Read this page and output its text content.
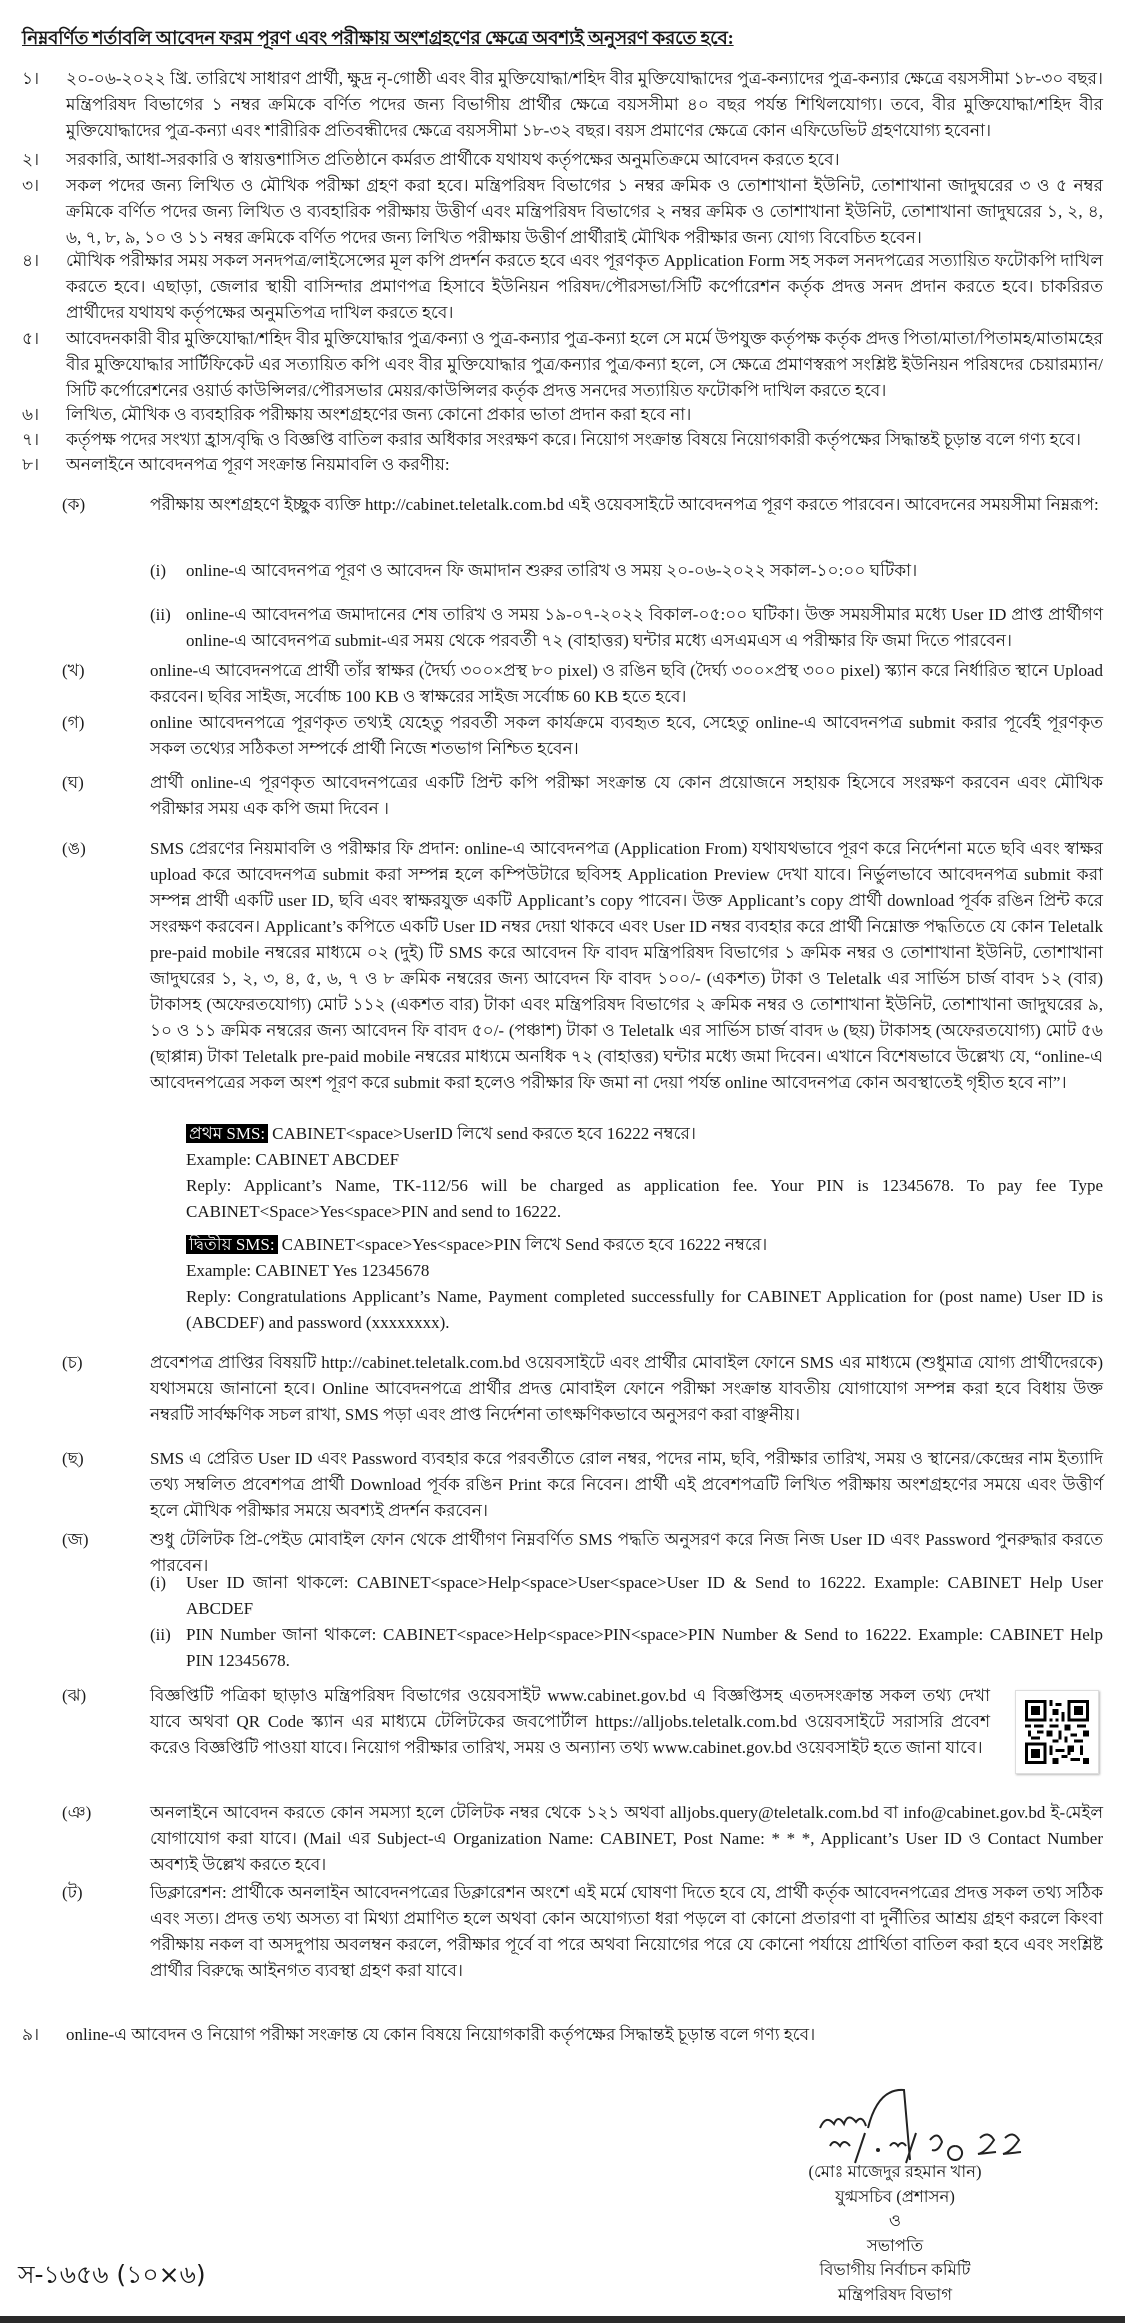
নিম্নবর্ণিত শর্তাবলি আবেদন ফরম পূরণ এবং পরীক্ষায় অংশগ্রহণের ক্ষেত্রে অবশ্যই অনুসরণ করতে হবে:
১।	২০-০৬-২০২২ খ্রি. তারিখে সাধারণ প্রার্থী, ক্ষুদ্র নৃ-গোষ্ঠী এবং বীর মুক্তিযোদ্ধা/শহিদ বীর মুক্তিযোদ্ধাদের পুত্র-কন্যাদের পুত্র-কন্যার ক্ষেত্রে বয়সসীমা ১৮-৩০ বছর। মন্ত্রিপরিষদ বিভাগের ১ নম্বর ক্রমিকে বর্ণিত পদের জন্য বিভাগীয় প্রার্থীর ক্ষেত্রে বয়সসীমা ৪০ বছর পর্যন্ত শিথিলযোগ্য। তবে, বীর মুক্তিযোদ্ধা/শহিদ বীর মুক্তিযোদ্ধাদের পুত্র-কন্যা এবং শারীরিক প্রতিবন্ধীদের ক্ষেত্রে বয়সসীমা ১৮-৩২ বছর। বয়স প্রমাণের ক্ষেত্রে কোন এফিডেভিট গ্রহণযোগ্য হবেনা।
২।	সরকারি, আধা-সরকারি ও স্বায়ত্তশাসিত প্রতিষ্ঠানে কর্মরত প্রার্থীকে যথাযথ কর্তৃপক্ষের অনুমতিক্রমে আবেদন করতে হবে।
৩।	সকল পদের জন্য লিখিত ও মৌখিক পরীক্ষা গ্রহণ করা হবে। মন্ত্রিপরিষদ বিভাগের ১ নম্বর ক্রমিক ও তোশাখানা ইউনিট, তোশাখানা জাদুঘরের ৩ ও ৫ নম্বর ক্রমিকে বর্ণিত পদের জন্য লিখিত ও ব্যবহারিক পরীক্ষায় উত্তীর্ণ এবং মন্ত্রিপরিষদ বিভাগের ২ নম্বর ক্রমিক ও তোশাখানা ইউনিট, তোশাখানা জাদুঘরের ১, ২, ৪, ৬, ৭, ৮, ৯, ১০ ও ১১ নম্বর ক্রমিকে বর্ণিত পদের জন্য লিখিত পরীক্ষায় উত্তীর্ণ প্রার্থীরাই মৌখিক পরীক্ষার জন্য যোগ্য বিবেচিত হবেন।
৪।	মৌখিক পরীক্ষার সময় সকল সনদপত্র/লাইসেন্সের মূল কপি প্রদর্শন করতে হবে এবং পূরণকৃত Application Form সহ সকল সনদপত্রের সত্যায়িত ফটোকপি দাখিল করতে হবে। এছাড়া, জেলার স্থায়ী বাসিন্দার প্রমাণপত্র হিসাবে ইউনিয়ন পরিষদ/পৌরসভা/সিটি কর্পোরেশন কর্তৃক প্রদত্ত সনদ প্রদান করতে হবে। চাকরিরত প্রার্থীদের যথাযথ কর্তৃপক্ষের অনুমতিপত্র দাখিল করতে হবে।
৫।	আবেদনকারী বীর মুক্তিযোদ্ধা/শহিদ বীর মুক্তিযোদ্ধার পুত্র/কন্যা ও পুত্র-কন্যার পুত্র-কন্যা হলে সে মর্মে উপযুক্ত কর্তৃপক্ষ কর্তৃক প্রদত্ত পিতা/মাতা/পিতামহ/মাতামহের বীর মুক্তিযোদ্ধার সার্টিফিকেট এর সত্যায়িত কপি এবং বীর মুক্তিযোদ্ধার পুত্র/কন্যার পুত্র/কন্যা হলে, সে ক্ষেত্রে প্রমাণস্বরূপ সংশ্লিষ্ট ইউনিয়ন পরিষদের চেয়ারম্যান/সিটি কর্পোরেশনের ওয়ার্ড কাউন্সিলর/পৌরসভার মেয়র/কাউন্সিলর কর্তৃক প্রদত্ত সনদের সত্যায়িত ফটোকপি দাখিল করতে হবে।
৬।	লিখিত, মৌখিক ও ব্যবহারিক পরীক্ষায় অংশগ্রহণের জন্য কোনো প্রকার ভাতা প্রদান করা হবে না।
৭।	কর্তৃপক্ষ পদের সংখ্যা হ্রাস/বৃদ্ধি ও বিজ্ঞপ্তি বাতিল করার অধিকার সংরক্ষণ করে। নিয়োগ সংক্রান্ত বিষয়ে নিয়োগকারী কর্তৃপক্ষের সিদ্ধান্তই চূড়ান্ত বলে গণ্য হবে।
৮।	অনলাইনে আবেদনপত্র পূরণ সংক্রান্ত নিয়মাবলি ও করণীয়:
(ক)	পরীক্ষায় অংশগ্রহণে ইচ্ছুক ব্যক্তি http://cabinet.teletalk.com.bd এই ওয়েবসাইটে আবেদনপত্র পূরণ করতে পারবেন। আবেদনের সময়সীমা নিম্নরূপ:
(i)	online-এ আবেদনপত্র পূরণ ও আবেদন ফি জমাদান শুরুর তারিখ ও সময় ২০-০৬-২০২২ সকাল-১০:০০ ঘটিকা।
(ii) online-এ আবেদনপত্র জমাদানের শেষ তারিখ ও সময় ১৯-০৭-২০২২ বিকাল-০৫:০০ ঘটিকা। উক্ত সময়সীমার মধ্যে User ID প্রাপ্ত প্রার্থীগণ online-এ আবেদনপত্র submit-এর সময় থেকে পরবর্তী ৭২ (বাহাত্তর) ঘন্টার মধ্যে এসএমএস এ পরীক্ষার ফি জমা দিতে পারবেন।
(খ)	online-এ আবেদনপত্রে প্রার্থী তাঁর স্বাক্ষর (দৈর্ঘ্য ৩০০×প্রস্থ ৮০ pixel) ও রঙিন ছবি (দৈর্ঘ্য ৩০০×প্রস্থ ৩০০ pixel) স্ক্যান করে নির্ধারিত স্থানে Upload করবেন। ছবির সাইজ, সর্বোচ্চ 100 KB ও স্বাক্ষরের সাইজ সর্বোচ্চ 60 KB হতে হবে।
(গ)	online আবেদনপত্রে পূরণকৃত তথ্যই যেহেতু পরবর্তী সকল কার্যক্রমে ব্যবহৃত হবে, সেহেতু online-এ আবেদনপত্র submit করার পূর্বেই পূরণকৃত সকল তথ্যের সঠিকতা সম্পর্কে প্রার্থী নিজে শতভাগ নিশ্চিত হবেন।
(ঘ)	প্রার্থী online-এ পূরণকৃত আবেদনপত্রের একটি প্রিন্ট কপি পরীক্ষা সংক্রান্ত যে কোন প্রয়োজনে সহায়ক হিসেবে সংরক্ষণ করবেন এবং মৌখিক পরীক্ষার সময় এক কপি জমা দিবেন ।
(ঙ)	SMS প্রেরণের নিয়মাবলি ও পরীক্ষার ফি প্রদান: online-এ আবেদনপত্র (Application From) যথাযথভাবে পূরণ করে নির্দেশনা মতে ছবি এবং স্বাক্ষর upload করে আবেদনপত্র submit করা সম্পন্ন হলে কম্পিউটারে ছবিসহ Application Preview দেখা যাবে। নির্ভুলভাবে আবেদনপত্র submit করা সম্পন্ন প্রার্থী একটি user ID, ছবি এবং স্বাক্ষরযুক্ত একটি Applicant’s copy পাবেন। উক্ত Applicant’s copy প্রার্থী download পূর্বক রঙিন প্রিন্ট করে সংরক্ষণ করবেন। Applicant’s কপিতে একটি User ID নম্বর দেয়া থাকবে এবং User ID নম্বর ব্যবহার করে প্রার্থী নিম্নোক্ত পদ্ধতিতে যে কোন Teletalk pre-paid mobile নম্বরের মাধ্যমে ০২ (দুই) টি SMS করে আবেদন ফি বাবদ মন্ত্রিপরিষদ বিভাগের ১ ক্রমিক নম্বর ও তোশাখানা ইউনিট, তোশাখানা জাদুঘরের ১, ২, ৩, ৪, ৫, ৬, ৭ ও ৮ ক্রমিক নম্বরের জন্য আবেদন ফি বাবদ ১০০/- (একশত) টাকা ও Teletalk এর সার্ভিস চার্জ বাবদ ১২ (বার) টাকাসহ (অফেরতযোগ্য) মোট ১১২ (একশত বার) টাকা এবং মন্ত্রিপরিষদ বিভাগের ২ ক্রমিক নম্বর ও তোশাখানা ইউনিট, তোশাখানা জাদুঘরের ৯, ১০ ও ১১ ক্রমিক নম্বরের জন্য আবেদন ফি বাবদ ৫০/- (পঞ্চাশ) টাকা ও Teletalk এর সার্ভিস চার্জ বাবদ ৬ (ছয়) টাকাসহ (অফেরতযোগ্য) মোট ৫৬ (ছাপ্পান্ন) টাকা Teletalk pre-paid mobile নম্বরের মাধ্যমে অনধিক ৭২ (বাহাত্তর) ঘন্টার মধ্যে জমা দিবেন। এখানে বিশেষভাবে উল্লেখ্য যে, “online-এ আবেদনপত্রের সকল অংশ পূরণ করে submit করা হলেও পরীক্ষার ফি জমা না দেয়া পর্যন্ত online আবেদনপত্র কোন অবস্থাতেই গৃহীত হবে না”।
প্রথম SMS: CABINET<space>UserID লিখে send করতে হবে 16222 নম্বরে।
Example: CABINET ABCDEF
Reply: Applicant’s Name, TK-112/56 will be charged as application fee. Your PIN is 12345678. To pay fee Type CABINET<Space>Yes<space>PIN and send to 16222.
দ্বিতীয় SMS: CABINET<space>Yes<space>PIN লিখে Send করতে হবে 16222 নম্বরে।
Example: CABINET Yes 12345678
Reply: Congratulations Applicant’s Name, Payment completed successfully for CABINET Application for (post name) User ID is (ABCDEF) and password (xxxxxxxx).
(চ)	প্রবেশপত্র প্রাপ্তির বিষয়টি http://cabinet.teletalk.com.bd ওয়েবসাইটে এবং প্রার্থীর মোবাইল ফোনে SMS এর মাধ্যমে (শুধুমাত্র যোগ্য প্রার্থীদেরকে) যথাসময়ে জানানো হবে। Online আবেদনপত্রে প্রার্থীর প্রদত্ত মোবাইল ফোনে পরীক্ষা সংক্রান্ত যাবতীয় যোগাযোগ সম্পন্ন করা হবে বিধায় উক্ত নম্বরটি সার্বক্ষণিক সচল রাখা, SMS পড়া এবং প্রাপ্ত নির্দেশনা তাৎক্ষণিকভাবে অনুসরণ করা বাঞ্ছনীয়।
(ছ)	SMS এ প্রেরিত User ID এবং Password ব্যবহার করে পরবর্তীতে রোল নম্বর, পদের নাম, ছবি, পরীক্ষার তারিখ, সময় ও স্থানের/কেন্দ্রের নাম ইত্যাদি তথ্য সম্বলিত প্রবেশপত্র প্রার্থী Download পূর্বক রঙিন Print করে নিবেন। প্রার্থী এই প্রবেশপত্রটি লিখিত পরীক্ষায় অংশগ্রহণের সময়ে এবং উত্তীর্ণ হলে মৌখিক পরীক্ষার সময়ে অবশ্যই প্রদর্শন করবেন।
(জ)	শুধু টেলিটক প্রি-পেইড মোবাইল ফোন থেকে প্রার্থীগণ নিম্নবর্ণিত SMS পদ্ধতি অনুসরণ করে নিজ নিজ User ID এবং Password পুনরুদ্ধার করতে পারবেন।
(i)	User ID জানা থাকলে: CABINET<space>Help<space>User<space>User ID & Send to 16222. Example: CABINET Help User ABCDEF
(ii) PIN Number জানা থাকলে: CABINET<space>Help<space>PIN<space>PIN Number & Send to 16222. Example: CABINET Help PIN 12345678.
(ঝ)	বিজ্ঞপ্তিটি পত্রিকা ছাড়াও মন্ত্রিপরিষদ বিভাগের ওয়েবসাইট www.cabinet.gov.bd এ বিজ্ঞপ্তিসহ এতদসংক্রান্ত সকল তথ্য দেখা যাবে অথবা QR Code স্ক্যান এর মাধ্যমে টেলিটকের জবপোর্টাল https://alljobs.teletalk.com.bd ওয়েবসাইটে সরাসরি প্রবেশ করেও বিজ্ঞপ্তিটি পাওয়া যাবে। নিয়োগ পরীক্ষার তারিখ, সময় ও অন্যান্য তথ্য www.cabinet.gov.bd ওয়েবসাইট হতে জানা যাবে।
(ঞ)	অনলাইনে আবেদন করতে কোন সমস্যা হলে টেলিটক নম্বর থেকে ১২১ অথবা alljobs.query@teletalk.com.bd বা info@cabinet.gov.bd ই-মেইল যোগাযোগ করা যাবে। (Mail এর Subject-এ Organization Name: CABINET, Post Name: * * *, Applicant’s User ID ও Contact Number অবশ্যই উল্লেখ করতে হবে।
(ট)	ডিক্লারেশন: প্রার্থীকে অনলাইন আবেদনপত্রের ডিক্লারেশন অংশে এই মর্মে ঘোষণা দিতে হবে যে, প্রার্থী কর্তৃক আবেদনপত্রের প্রদত্ত সকল তথ্য সঠিক এবং সত্য। প্রদত্ত তথ্য অসত্য বা মিথ্যা প্রমাণিত হলে অথবা কোন অযোগ্যতা ধরা পড়লে বা কোনো প্রতারণা বা দুর্নীতির আশ্রয় গ্রহণ করলে কিংবা পরীক্ষায় নকল বা অসদুপায় অবলম্বন করলে, পরীক্ষার পূর্বে বা পরে অথবা নিয়োগের পরে যে কোনো পর্যায়ে প্রার্থিতা বাতিল করা হবে এবং সংশ্লিষ্ট প্রার্থীর বিরুদ্ধে আইনগত ব্যবস্থা গ্রহণ করা যাবে।
৯।	online-এ আবেদন ও নিয়োগ পরীক্ষা সংক্রান্ত যে কোন বিষয়ে নিয়োগকারী কর্তৃপক্ষের সিদ্ধান্তই চূড়ান্ত বলে গণ্য হবে।
(মোঃ মাজেদুর রহমান খান)
যুগ্মসচিব (প্রশাসন)
ও
সভাপতি
বিভাগীয় নির্বাচন কমিটি
মন্ত্রিপরিষদ বিভাগ
স-১৬৫৬ (১০×৬)
